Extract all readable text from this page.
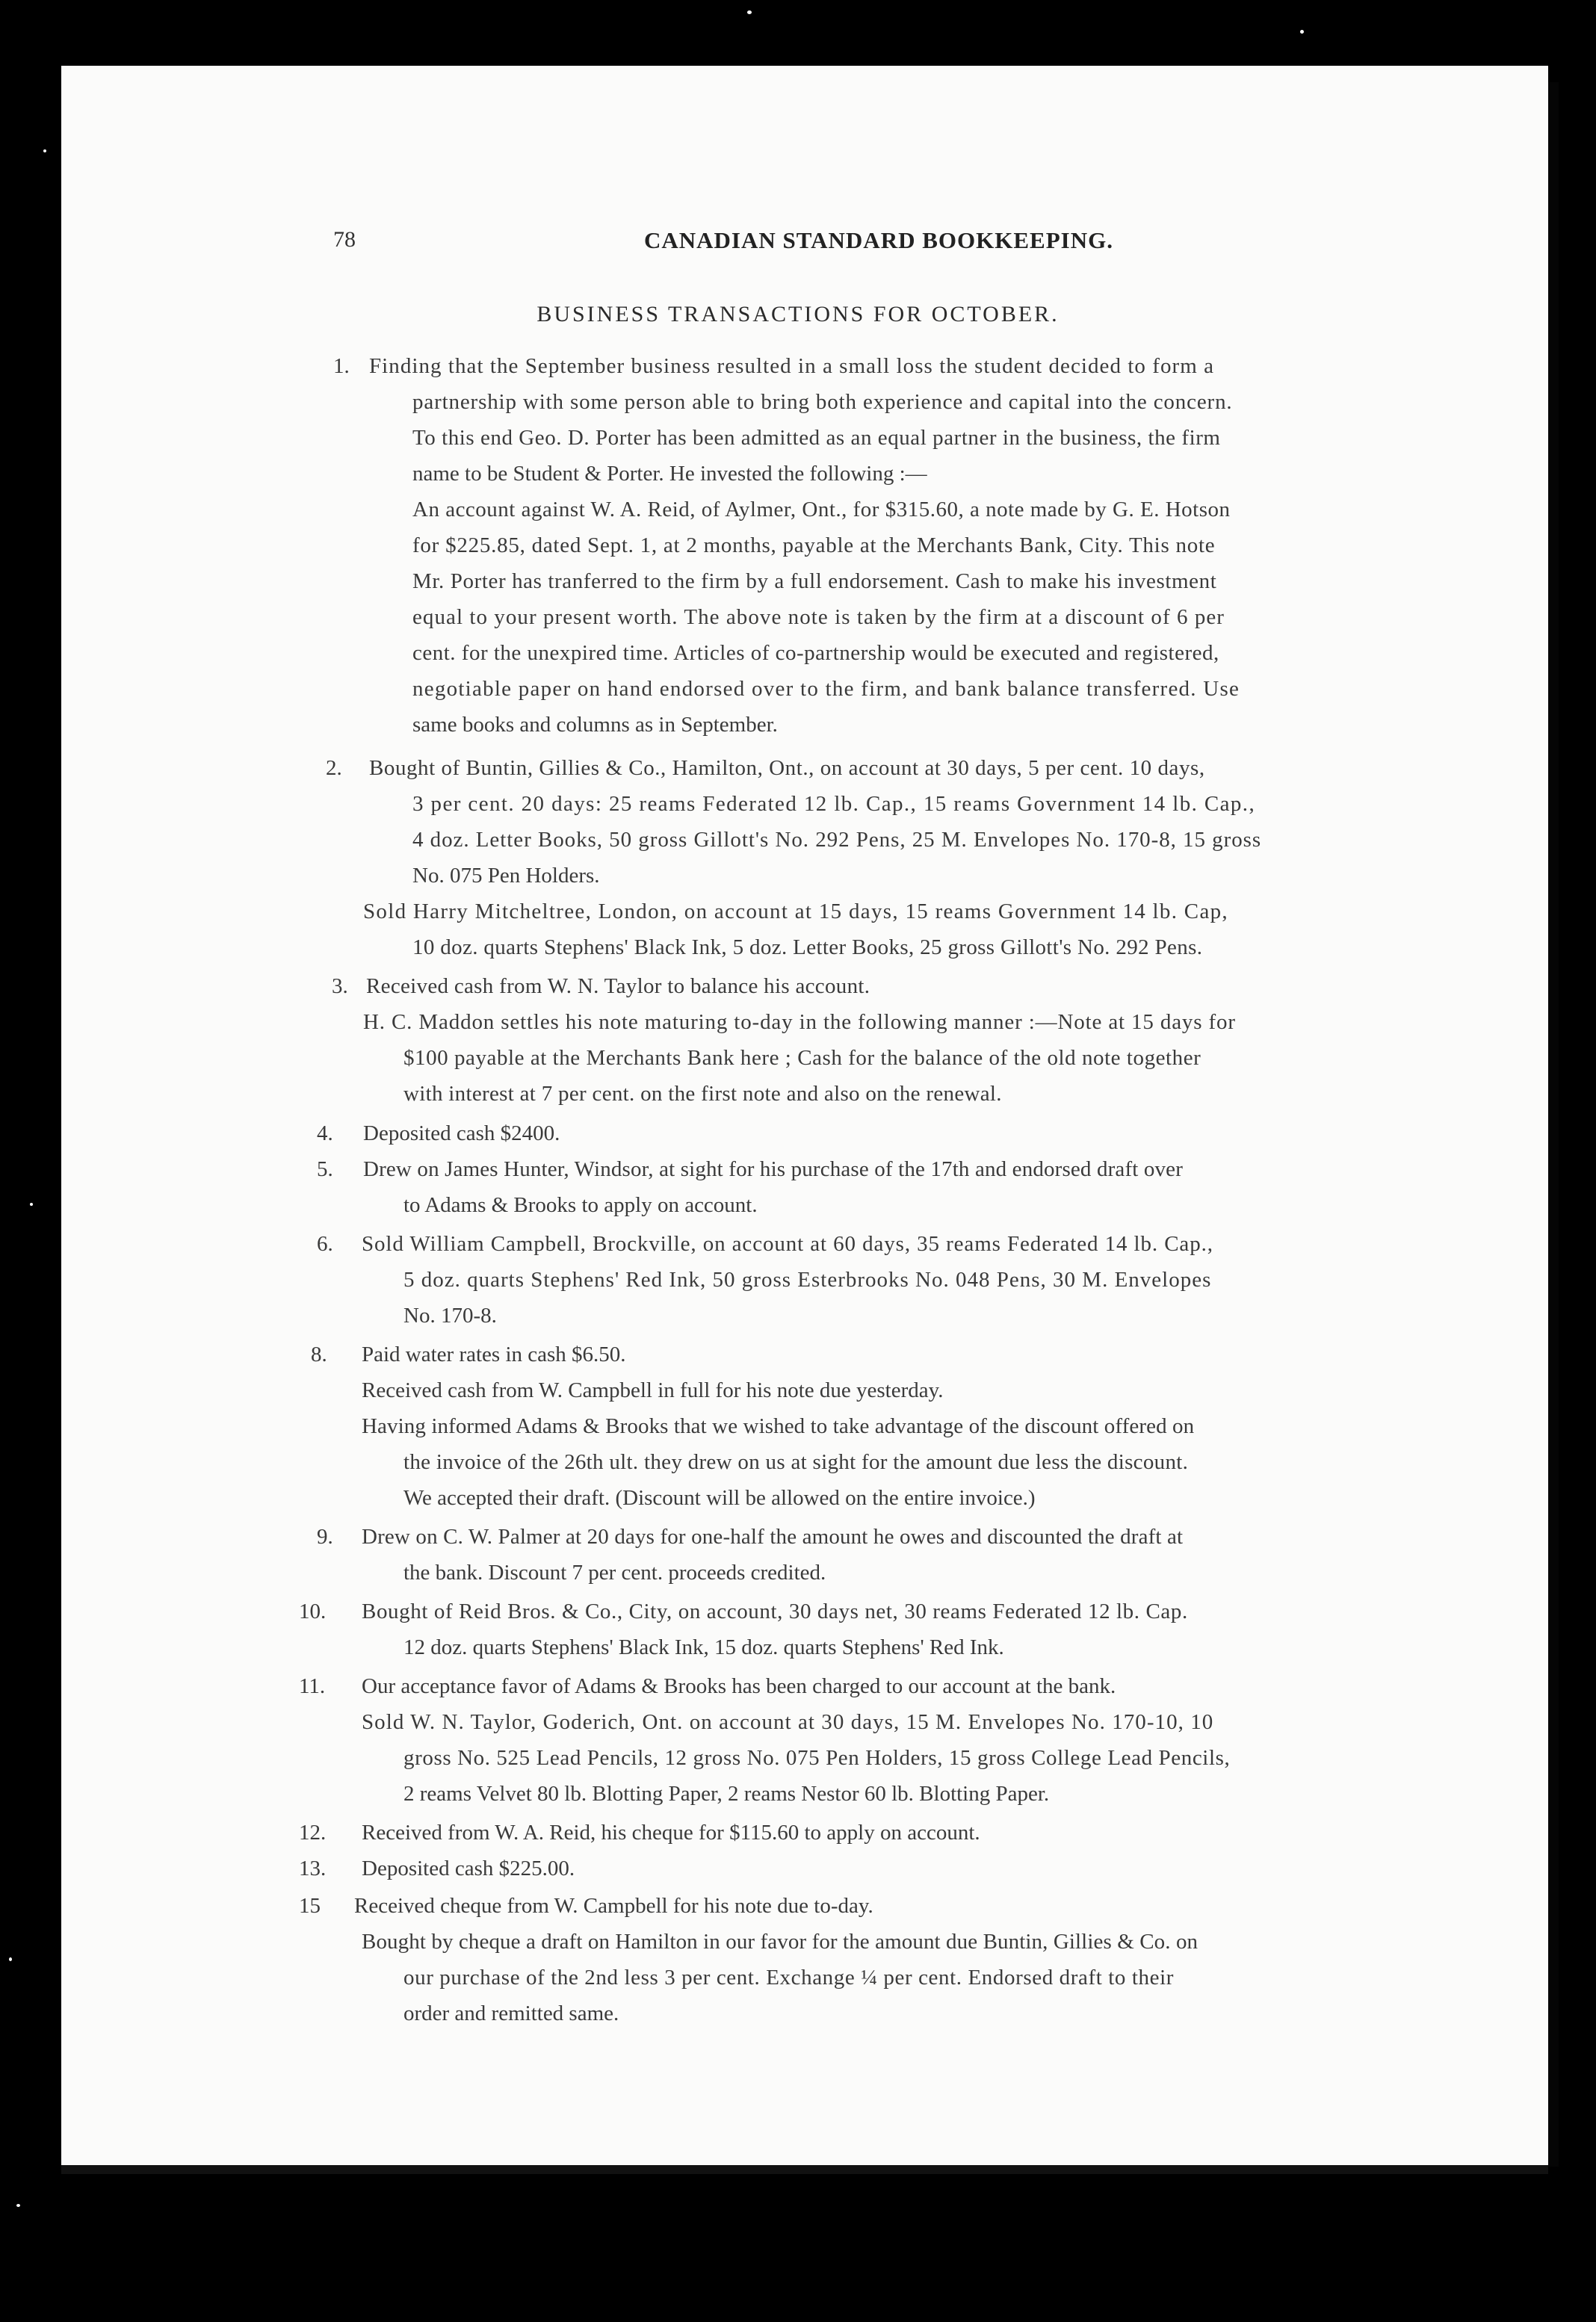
78	CANADIAN STANDARD BOOKKEEPING.
BUSINESS TRANSACTIONS FOR OCTOBER.
1. Finding that the September business resulted in a small loss the student decided to form a
partnership with some person able to bring both experience and capital into the concern.
To this end Geo. D. Porter has been admitted as an equal partner in the business, the firm
name to be Student & Porter. He invested the following :—
An account against W. A. Reid, of Aylmer, Ont., for $315.60, a note made by G. E. Hotson
for $225.85, dated Sept. 1, at 2 months, payable at the Merchants Bank, City. This note
Mr. Porter has tranferred to the firm by a full endorsement. Cash to make his investment
equal to your present worth. The above note is taken by the firm at a discount of 6 per
cent. for the unexpired time. Articles of co-partnership would be executed and registered,
negotiable paper on hand endorsed over to the firm, and bank balance transferred. Use
same books and columns as in September.
2. Bought of Buntin, Gillies & Co., Hamilton, Ont., on account at 30 days, 5 per cent. 10 days,
3 per cent. 20 days: 25 reams Federated 12 lb. Cap., 15 reams Government 14 lb. Cap.,
4 doz. Letter Books, 50 gross Gillott's No. 292 Pens, 25 M. Envelopes No. 170-8, 15 gross
No. 075 Pen Holders.
Sold Harry Mitcheltree, London, on account at 15 days, 15 reams Government 14 lb. Cap,
10 doz. quarts Stephens' Black Ink, 5 doz. Letter Books, 25 gross Gillott's No. 292 Pens.
3. Received cash from W. N. Taylor to balance his account.
H. C. Maddon settles his note maturing to-day in the following manner :—Note at 15 days for
$100 payable at the Merchants Bank here ; Cash for the balance of the old note together
with interest at 7 per cent. on the first note and also on the renewal.
4. Deposited cash $2400.
5. Drew on James Hunter, Windsor, at sight for his purchase of the 17th and endorsed draft over
to Adams & Brooks to apply on account.
6. Sold William Campbell, Brockville, on account at 60 days, 35 reams Federated 14 lb. Cap.,
5 doz. quarts Stephens' Red Ink, 50 gross Esterbrooks No. 048 Pens, 30 M. Envelopes
No. 170-8.
8. Paid water rates in cash $6.50.
Received cash from W. Campbell in full for his note due yesterday.
Having informed Adams & Brooks that we wished to take advantage of the discount offered on
the invoice of the 26th ult. they drew on us at sight for the amount due less the discount.
We accepted their draft. (Discount will be allowed on the entire invoice.)
9. Drew on C. W. Palmer at 20 days for one-half the amount he owes and discounted the draft at
the bank. Discount 7 per cent. proceeds credited.
10. Bought of Reid Bros. & Co., City, on account, 30 days net, 30 reams Federated 12 lb. Cap.
12 doz. quarts Stephens' Black Ink, 15 doz. quarts Stephens' Red Ink.
11. Our acceptance favor of Adams & Brooks has been charged to our account at the bank.
Sold W. N. Taylor, Goderich, Ont. on account at 30 days, 15 M. Envelopes No. 170-10, 10
gross No. 525 Lead Pencils, 12 gross No. 075 Pen Holders, 15 gross College Lead Pencils,
2 reams Velvet 80 lb. Blotting Paper, 2 reams Nestor 60 lb. Blotting Paper.
12. Received from W. A. Reid, his cheque for $115.60 to apply on account.
13. Deposited cash $225.00.
15 Received cheque from W. Campbell for his note due to-day.
Bought by cheque a draft on Hamilton in our favor for the amount due Buntin, Gillies & Co. on
our purchase of the 2nd less 3 per cent. Exchange ¼ per cent. Endorsed draft to their
order and remitted same.
